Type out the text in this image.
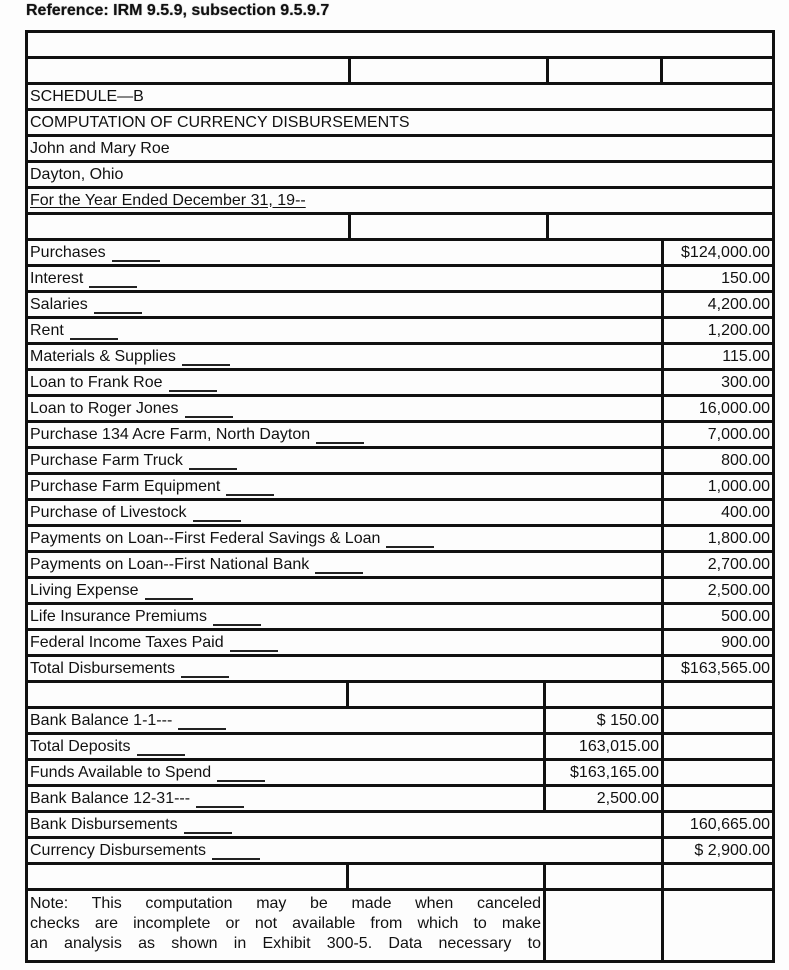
Reference: IRM 9.5.9, subsection 9.5.9.7
SCHEDULE—B
COMPUTATION OF CURRENCY DISBURSEMENTS
John and Mary Roe
Dayton, Ohio
For the Year Ended December 31, 19--
Purchases	$124,000.00
Interest	150.00
Salaries	4,200.00
Rent	1,200.00
Materials & Supplies	115.00
Loan to Frank Roe	300.00
Loan to Roger Jones	16,000.00
Purchase 134 Acre Farm, North Dayton	7,000.00
Purchase Farm Truck	800.00
Purchase Farm Equipment	1,000.00
Purchase of Livestock	400.00
Payments on Loan--First Federal Savings & Loan	1,800.00
Payments on Loan--First National Bank	2,700.00
Living Expense	2,500.00
Life Insurance Premiums	500.00
Federal Income Taxes Paid	900.00
Total Disbursements	$163,565.00
Bank Balance 1-1---	$ 150.00
Total Deposits	163,015.00
Funds Available to Spend	$163,165.00
Bank Balance 12-31---	2,500.00
Bank Disbursements	160,665.00
Currency Disbursements	$ 2,900.00
Note: This computation may be made when canceled
checks are incomplete or not available from which to make
an analysis as shown in Exhibit 300-5. Data necessary to
